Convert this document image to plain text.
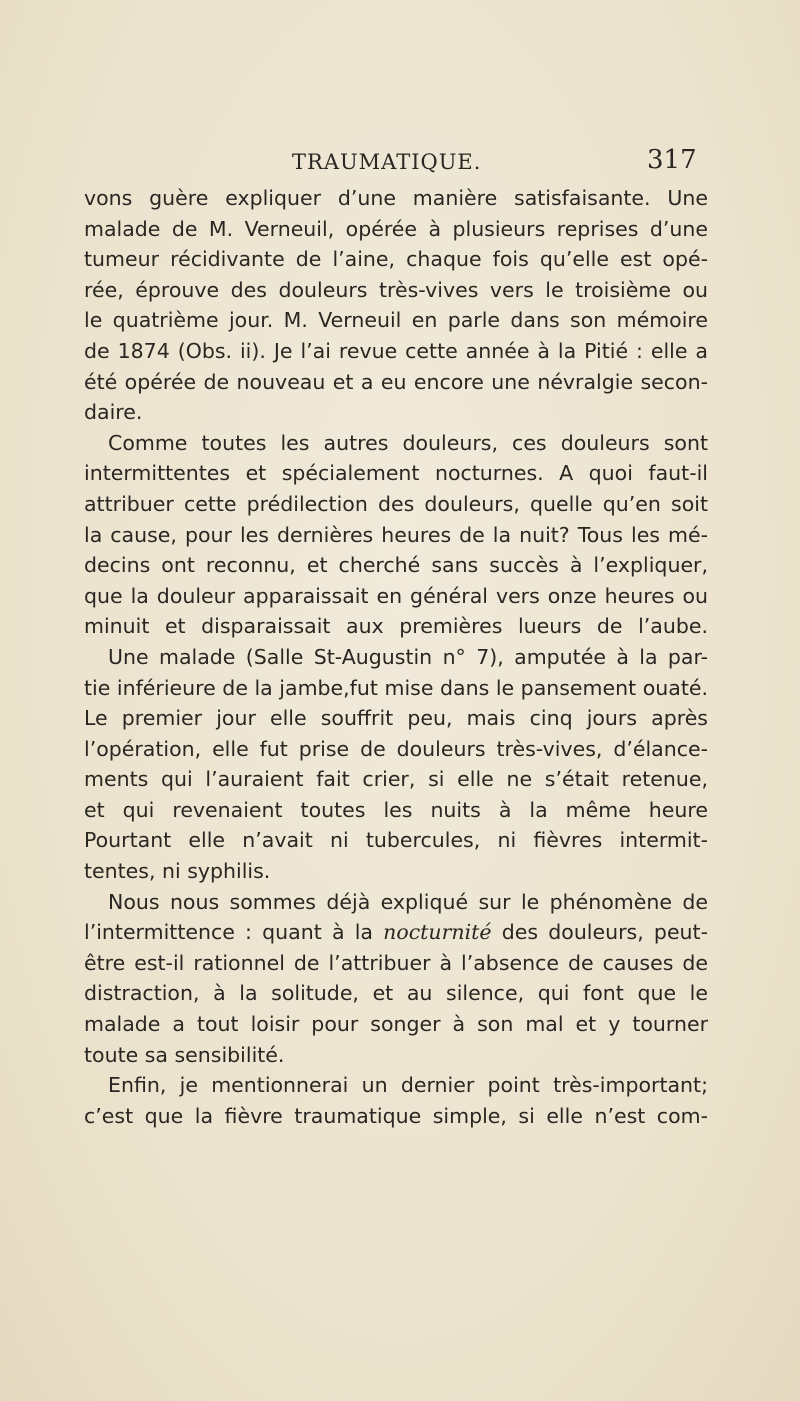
TRAUMATIQUE.	317
vons guère expliquer d’une manière satisfaisante. Une
malade de M. Verneuil, opérée à plusieurs reprises d’une
tumeur récidivante de l’aine, chaque fois qu’elle est opé-
rée, éprouve des douleurs très-vives vers le troisième ou
le quatrième jour. M. Verneuil en parle dans son mémoire
de 1874 (Obs. ii). Je l’ai revue cette année à la Pitié : elle a
été opérée de nouveau et a eu encore une névralgie secon-
daire.
Comme toutes les autres douleurs, ces douleurs sont
intermittentes et spécialement nocturnes. A quoi faut-il
attribuer cette prédilection des douleurs, quelle qu’en soit
la cause, pour les dernières heures de la nuit? Tous les mé-
decins ont reconnu, et cherché sans succès à l’expliquer,
que la douleur apparaissait en général vers onze heures ou
minuit et disparaissait aux premières lueurs de l’aube.
Une malade (Salle St-Augustin n° 7), amputée à la par-
tie inférieure de la jambe,fut mise dans le pansement ouaté.
Le premier jour elle souffrit peu, mais cinq jours après
l’opération, elle fut prise de douleurs très-vives, d’élance-
ments qui l’auraient fait crier, si elle ne s’était retenue,
et qui revenaient toutes les nuits à la même heure
Pourtant elle n’avait ni tubercules, ni fièvres intermit-
tentes, ni syphilis.
Nous nous sommes déjà expliqué sur le phénomène de
l’intermittence : quant à la nocturnité des douleurs, peut-
être est-il rationnel de l’attribuer à l’absence de causes de
distraction, à la solitude, et au silence, qui font que le
malade a tout loisir pour songer à son mal et y tourner
toute sa sensibilité.
Enfin, je mentionnerai un dernier point très-important;
c’est que la fièvre traumatique simple, si elle n’est com-
